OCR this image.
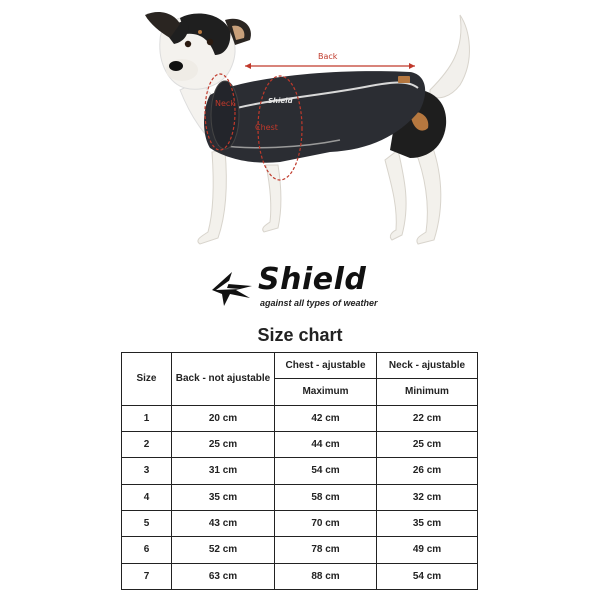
Shield
Back
Neck
Chest
Shield
against all types of weather
Size chart
Size	Back - not ajustable	Chest - ajustable	Neck - ajustable
		Maximum	Minimum
1	20 cm	42 cm	22 cm
2	25 cm	44 cm	25 cm
3	31 cm	54 cm	26 cm
4	35 cm	58 cm	32 cm
5	43 cm	70 cm	35 cm
6	52 cm	78 cm	49 cm
7	63 cm	88 cm	54 cm
